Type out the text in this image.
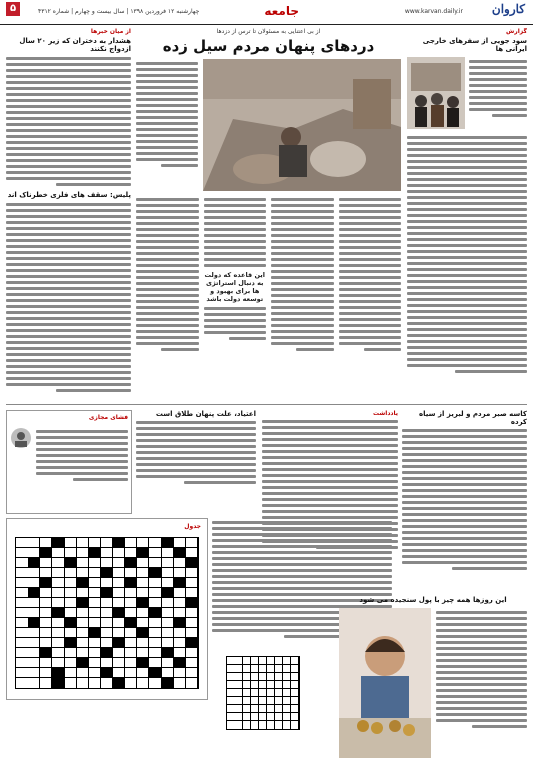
کاروان
www.karvan.daily.ir
جامعه
چهارشنبه ۱۲ فروردین ۱۳۹۸ | سال بیست و چهارم | شماره ۴۳۱۲
۵
گزارش
سود جویی از سفرهای خارجی ایرانی ها
از بی اعتنایی به مسئولان تا ترس از دزدها
دردهای پنهان مردم سیل زده
این قاعده که دولت به دنبال استراتژی ها برای بهبود و توسعه دولت باشد
از میان خبرها
هشدار به دختران که زیر ۲۰ سال ازدواج نکنند
پلیس: سقف های فلزی خطرناک اند
فشای مجازی	اعتیاد، علت پنهان طلاق است	یادداشت	کاسه صبر مردم و لبریز از سیاه کرده
جدول
این روزها همه چیز با پول سنجیده می شود
